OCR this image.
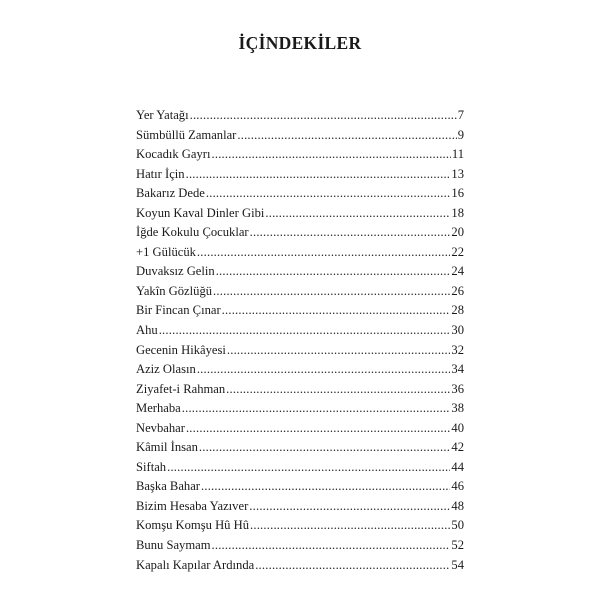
İÇİNDEKİLER
Yer Yatağı .....	7
Sümbüllü Zamanlar .....	9
Kocadık Gayrı .....	11
Hatır İçin .....	13
Bakarız Dede .....	16
Koyun Kaval Dinler Gibi .....	18
İğde Kokulu Çocuklar .....	20
+1 Gülücük .....	22
Duvaksız Gelin .....	24
Yakîn Gözlüğü .....	26
Bir Fincan Çınar .....	28
Ahu .....	30
Gecenin Hikâyesi .....	32
Aziz Olasın .....	34
Ziyafet-i Rahman .....	36
Merhaba .....	38
Nevbahar .....	40
Kâmil İnsan .....	42
Siftah .....	44
Başka Bahar .....	46
Bizim Hesaba Yazıver .....	48
Komşu Komşu Hû Hû .....	50
Bunu Saymam .....	52
Kapalı Kapılar Ardında .....	54
